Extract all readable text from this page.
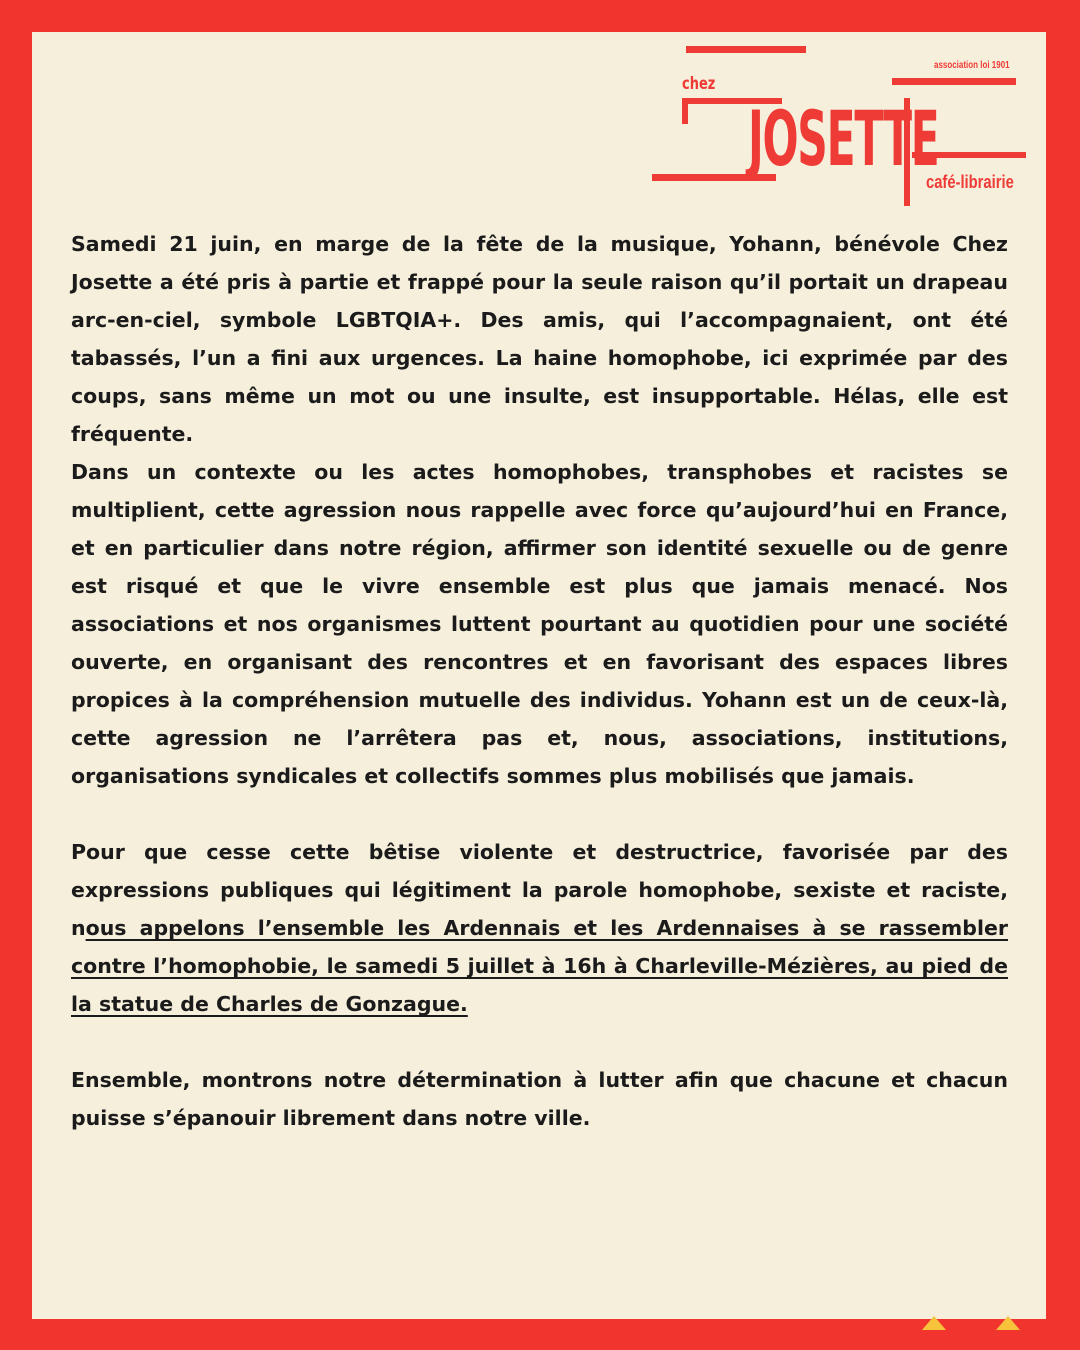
chez
association loi 1901
JOSETTE
café-librairie

Samedi 21 juin, en marge de la fête de la musique, Yohann, bénévole Chez Josette a été pris à partie et frappé pour la seule raison qu’il portait un drapeau arc-en-ciel, symbole LGBTQIA+. Des amis, qui l’accompagnaient, ont été tabassés, l’un a fini aux urgences. La haine homophobe, ici exprimée par des coups, sans même un mot ou une insulte, est insupportable. Hélas, elle est fréquente.

Dans un contexte ou les actes homophobes, transphobes et racistes se multiplient, cette agression nous rappelle avec force qu’aujourd’hui en France, et en particulier dans notre région, affirmer son identité sexuelle ou de genre est risqué et que le vivre ensemble est plus que jamais menacé. Nos associations et nos organismes luttent pourtant au quotidien pour une société ouverte, en organisant des rencontres et en favorisant des espaces libres propices à la compréhension mutuelle des individus. Yohann est un de ceux-là, cette agression ne l’arrêtera pas et, nous, associations, institutions, organisations syndicales et collectifs sommes plus mobilisés que jamais.

Pour que cesse cette bêtise violente et destructrice, favorisée par des expressions publiques qui légitiment la parole homophobe, sexiste et raciste, nous appelons l’ensemble les Ardennais et les Ardennaises à se rassembler contre l’homophobie, le samedi 5 juillet à 16h à Charleville-Mézières, au pied de la statue de Charles de Gonzague.

Ensemble, montrons notre détermination à lutter afin que chacune et chacun puisse s’épanouir librement dans notre ville.
